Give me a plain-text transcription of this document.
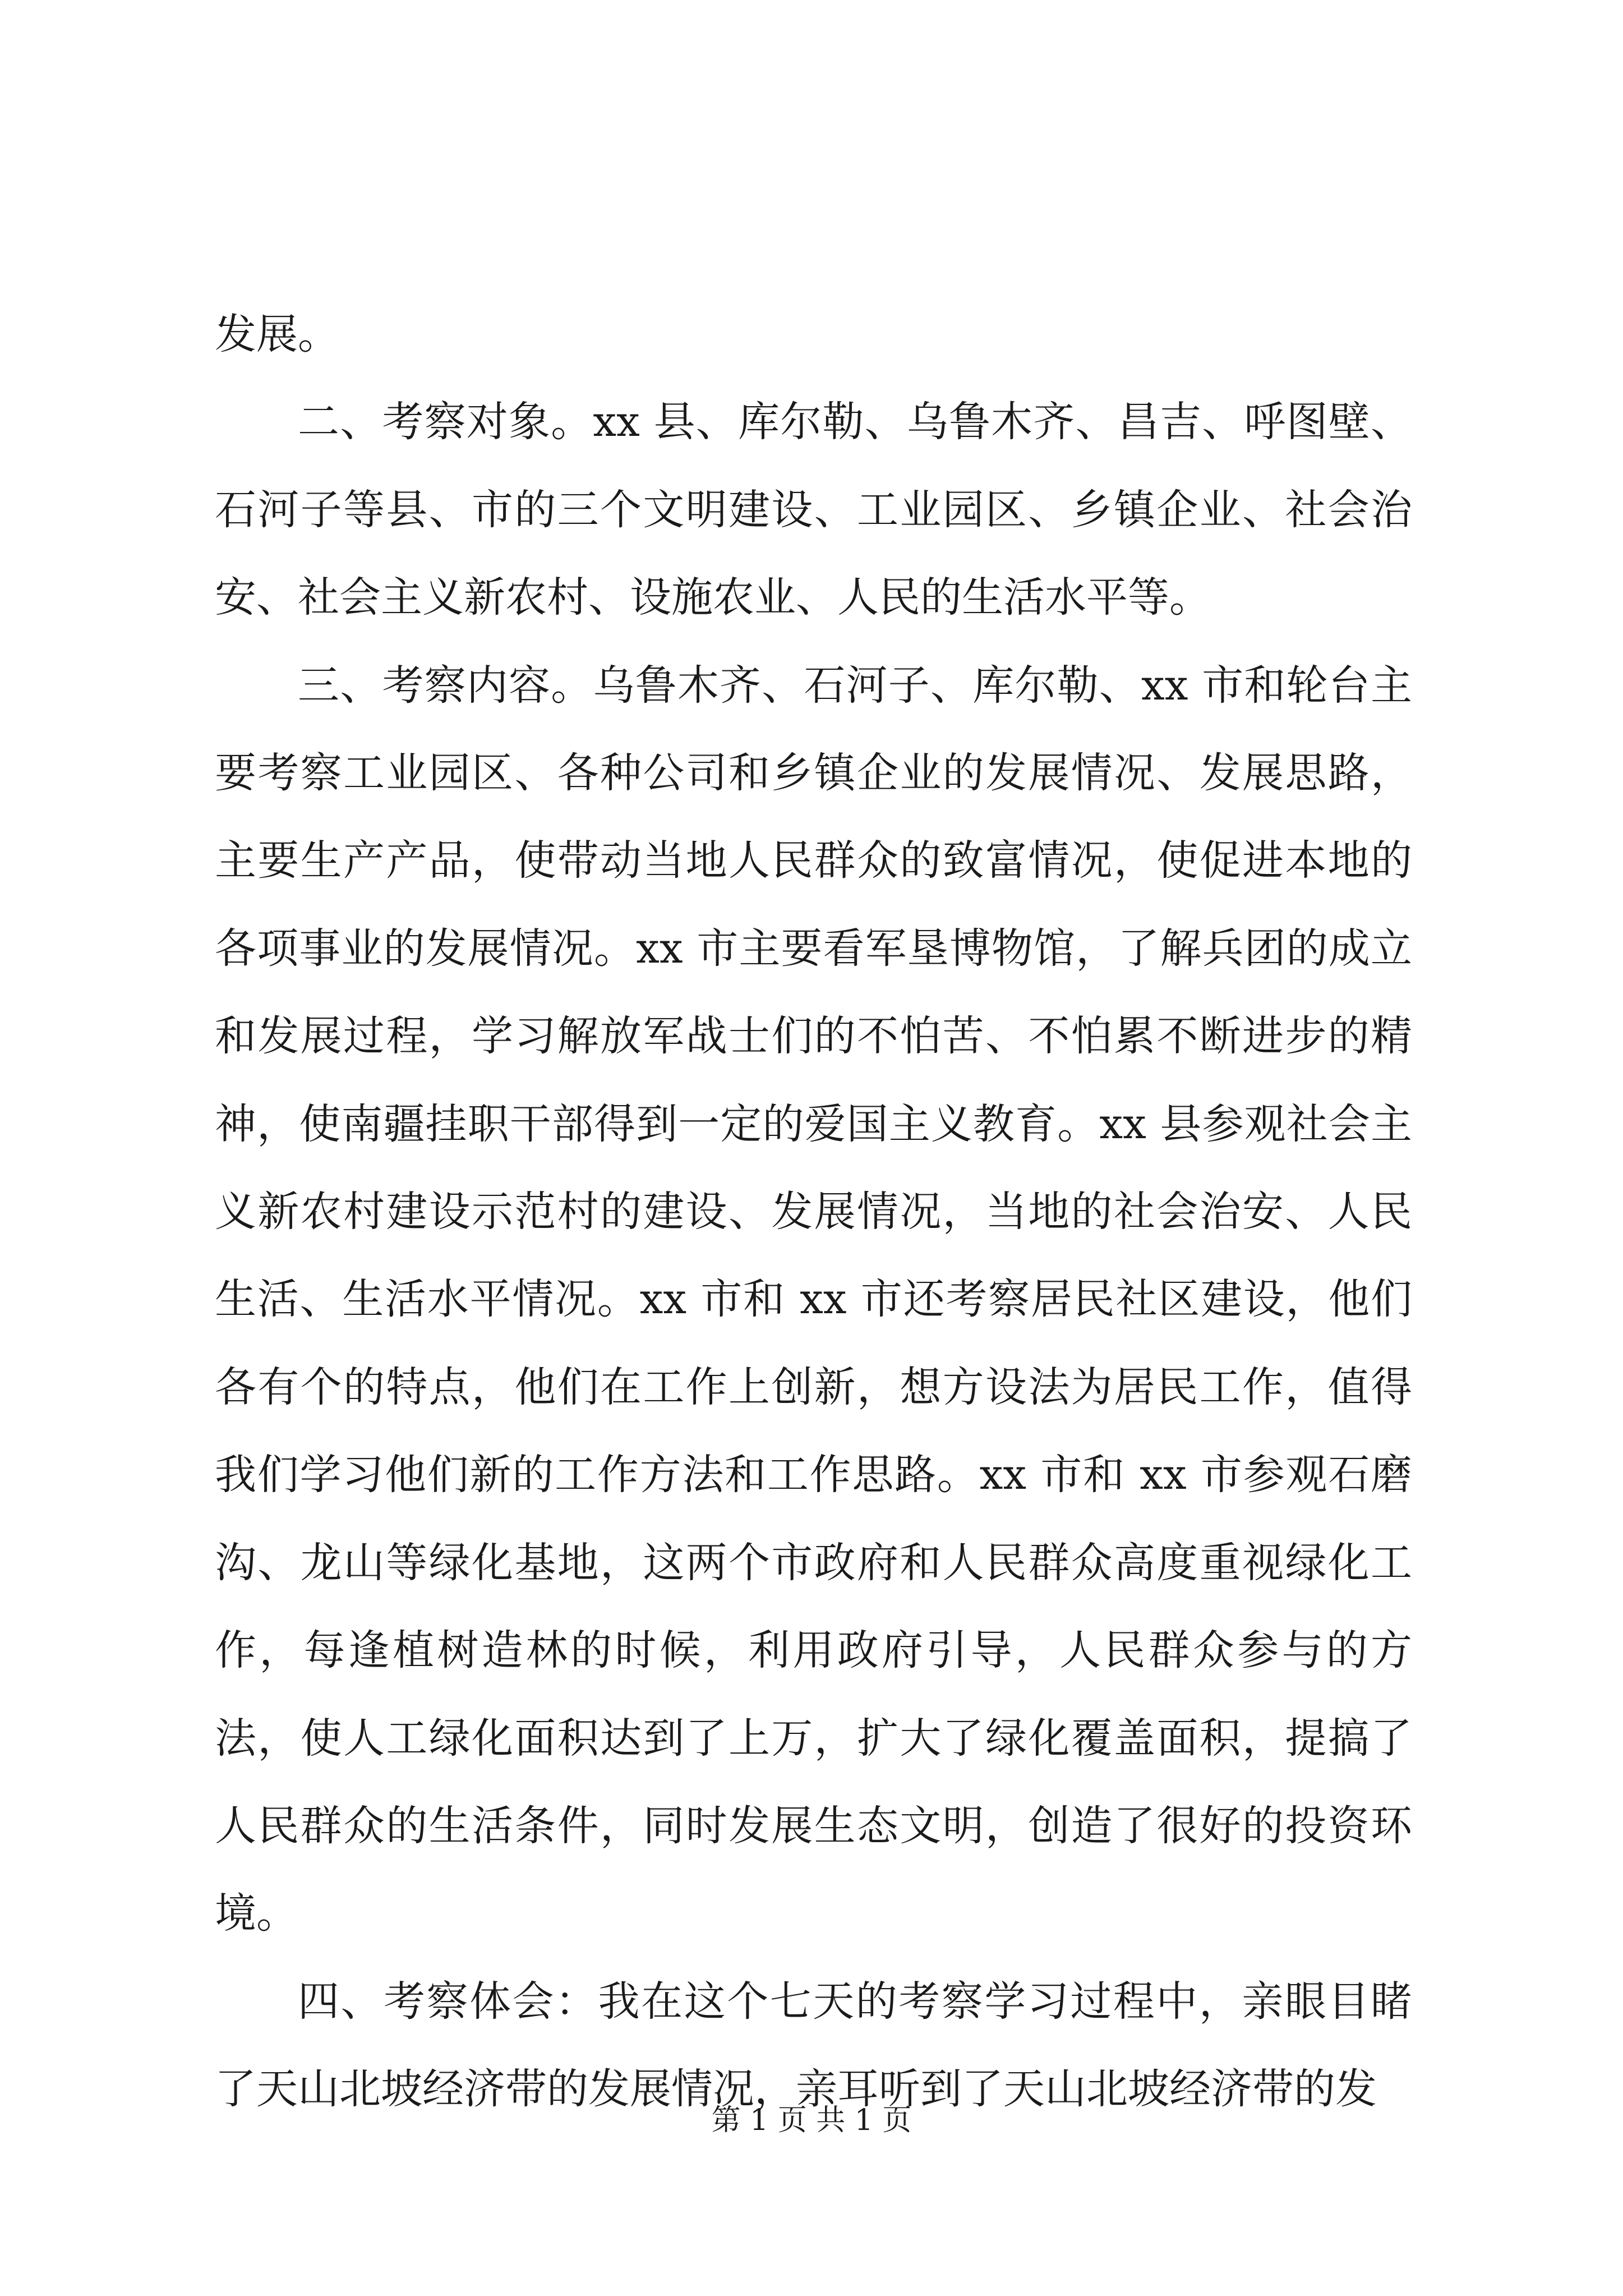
发展。

二、考察对象。xx 县、库尔勒、乌鲁木齐、昌吉、呼图壁、石河子等县、市的三个文明建设、工业园区、乡镇企业、社会治安、社会主义新农村、设施农业、人民的生活水平等。

三、考察内容。乌鲁木齐、石河子、库尔勒、xx 市和轮台主要考察工业园区、各种公司和乡镇企业的发展情况、发展思路，主要生产产品，使带动当地人民群众的致富情况，使促进本地的各项事业的发展情况。xx 市主要看军垦博物馆，了解兵团的成立和发展过程，学习解放军战士们的不怕苦、不怕累不断进步的精神，使南疆挂职干部得到一定的爱国主义教育。xx 县参观社会主义新农村建设示范村的建设、发展情况，当地的社会治安、人民生活、生活水平情况。xx 市和 xx 市还考察居民社区建设，他们各有个的特点，他们在工作上创新，想方设法为居民工作，值得我们学习他们新的工作方法和工作思路。xx 市和 xx 市参观石磨沟、龙山等绿化基地，这两个市政府和人民群众高度重视绿化工作，每逢植树造林的时候，利用政府引导，人民群众参与的方法，使人工绿化面积达到了上万，扩大了绿化覆盖面积，提搞了人民群众的生活条件，同时发展生态文明，创造了很好的投资环境。

四、考察体会：我在这个七天的考察学习过程中，亲眼目睹了天山北坡经济带的发展情况，亲耳听到了天山北坡经济带的发

第 1 页 共 1 页
